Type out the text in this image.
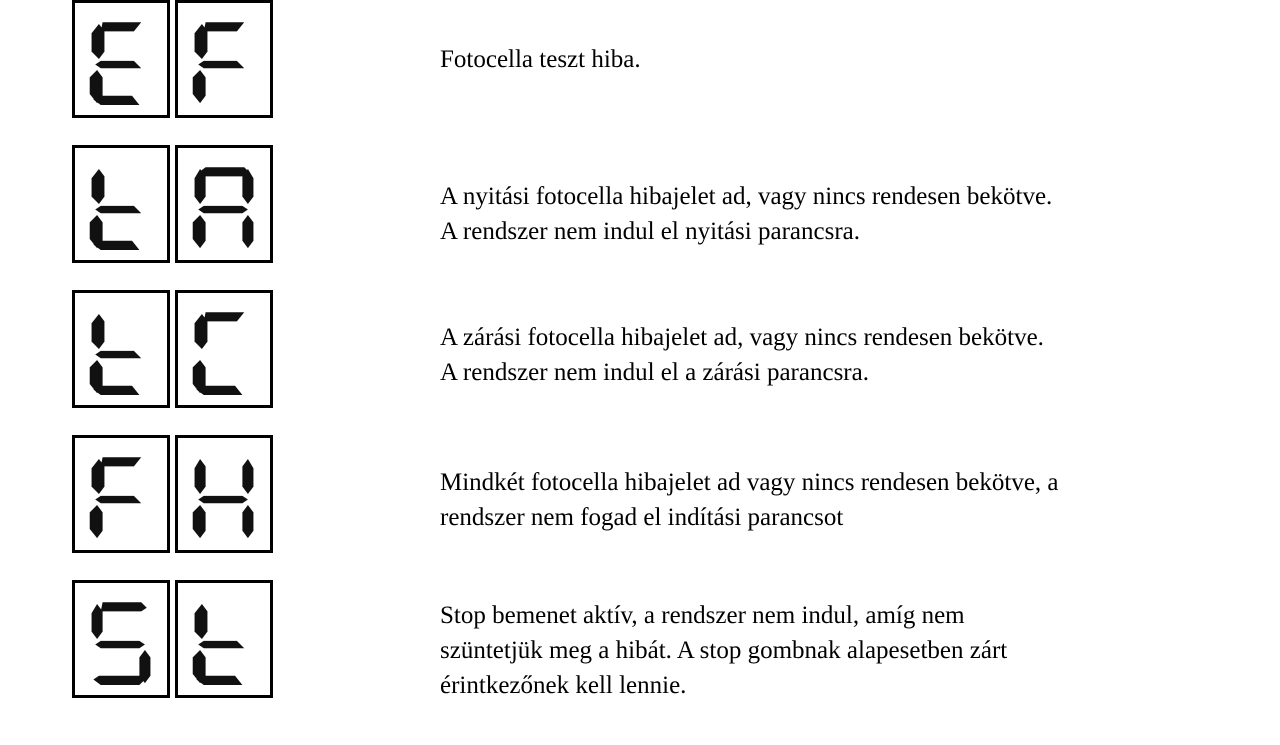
Fotocella teszt hiba.
A nyitási fotocella hibajelet ad, vagy nincs rendesen bekötve.
A rendszer nem indul el nyitási parancsra.
A zárási fotocella hibajelet ad, vagy nincs rendesen bekötve.
A rendszer nem indul el a zárási parancsra.
Mindkét fotocella hibajelet ad vagy nincs rendesen bekötve, a
rendszer nem fogad el indítási parancsot
Stop bemenet aktív, a rendszer nem indul, amíg nem
szüntetjük meg a hibát. A stop gombnak alapesetben zárt
érintkezőnek kell lennie.
